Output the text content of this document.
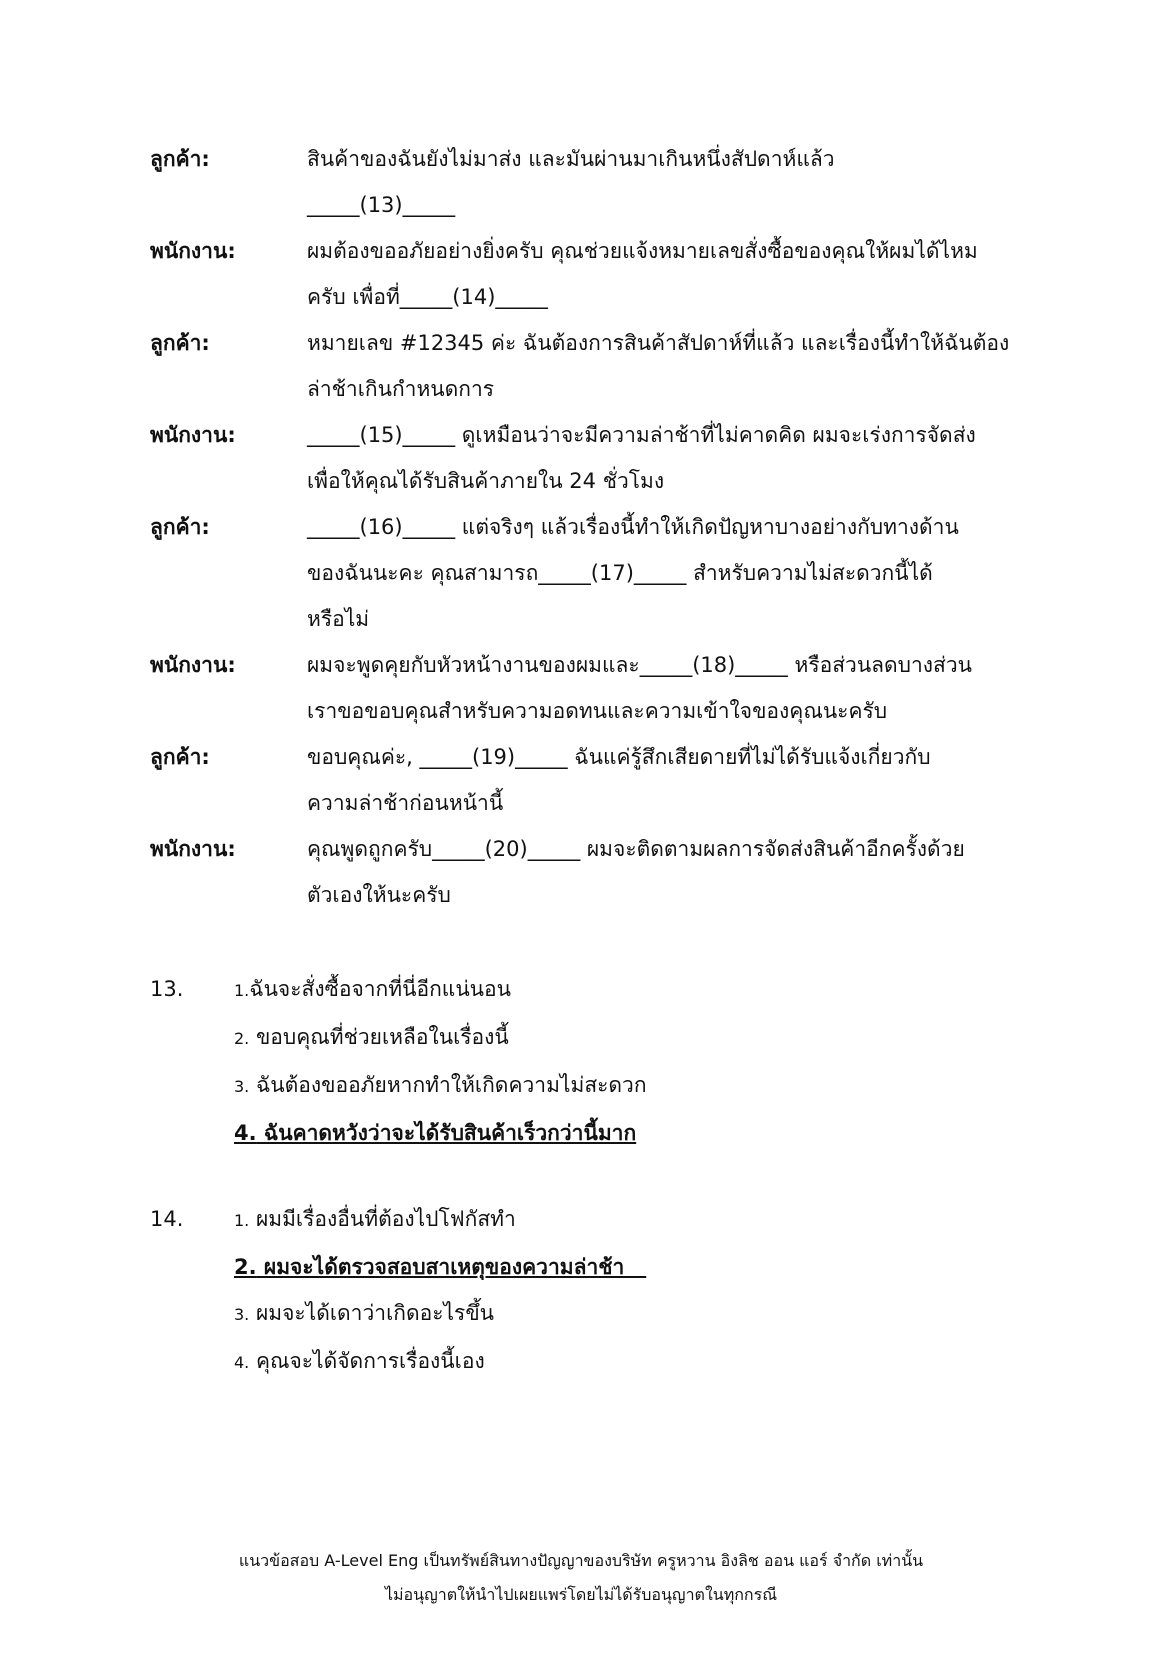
ลูกค้า:	สินค้าของฉันยังไม่มาส่ง และมันผ่านมาเกินหนึ่งสัปดาห์แล้ว
_____(13)_____
พนักงาน:	ผมต้องขออภัยอย่างยิ่งครับ คุณช่วยแจ้งหมายเลขสั่งซื้อของคุณให้ผมได้ไหม
ครับ เพื่อที่_____(14)_____
ลูกค้า:	หมายเลข #12345 ค่ะ ฉันต้องการสินค้าสัปดาห์ที่แล้ว และเรื่องนี้ทำให้ฉันต้อง
ล่าช้าเกินกำหนดการ
พนักงาน:	_____(15)_____ ดูเหมือนว่าจะมีความล่าช้าที่ไม่คาดคิด ผมจะเร่งการจัดส่ง
เพื่อให้คุณได้รับสินค้าภายใน 24 ชั่วโมง
ลูกค้า:	_____(16)_____ แต่จริงๆ แล้วเรื่องนี้ทำให้เกิดปัญหาบางอย่างกับทางด้าน
ของฉันนะคะ คุณสามารถ_____(17)_____ สำหรับความไม่สะดวกนี้ได้
หรือไม่
พนักงาน:	ผมจะพูดคุยกับหัวหน้างานของผมและ_____(18)_____ หรือส่วนลดบางส่วน
เราขอขอบคุณสำหรับความอดทนและความเข้าใจของคุณนะครับ
ลูกค้า:	ขอบคุณค่ะ, _____(19)_____ ฉันแค่รู้สึกเสียดายที่ไม่ได้รับแจ้งเกี่ยวกับ
ความล่าช้าก่อนหน้านี้
พนักงาน:	คุณพูดถูกครับ_____(20)_____ ผมจะติดตามผลการจัดส่งสินค้าอีกครั้งด้วย
ตัวเองให้นะครับ
13.	1.ฉันจะสั่งซื้อจากที่นี่อีกแน่นอน
2. ขอบคุณที่ช่วยเหลือในเรื่องนี้
3. ฉันต้องขออภัยหากทำให้เกิดความไม่สะดวก
4. ฉันคาดหวังว่าจะได้รับสินค้าเร็วกว่านี้มาก
14.	1. ผมมีเรื่องอื่นที่ต้องไปโฟกัสทำ
2. ผมจะได้ตรวจสอบสาเหตุของความล่าช้า
3. ผมจะได้เดาว่าเกิดอะไรขึ้น
4. คุณจะได้จัดการเรื่องนี้เอง
แนวข้อสอบ A-Level Eng เป็นทรัพย์สินทางปัญญาของบริษัท ครูหวาน อิงลิช ออน แอร์ จำกัด เท่านั้น
ไม่อนุญาตให้นำไปเผยแพร่โดยไม่ได้รับอนุญาตในทุกกรณี
